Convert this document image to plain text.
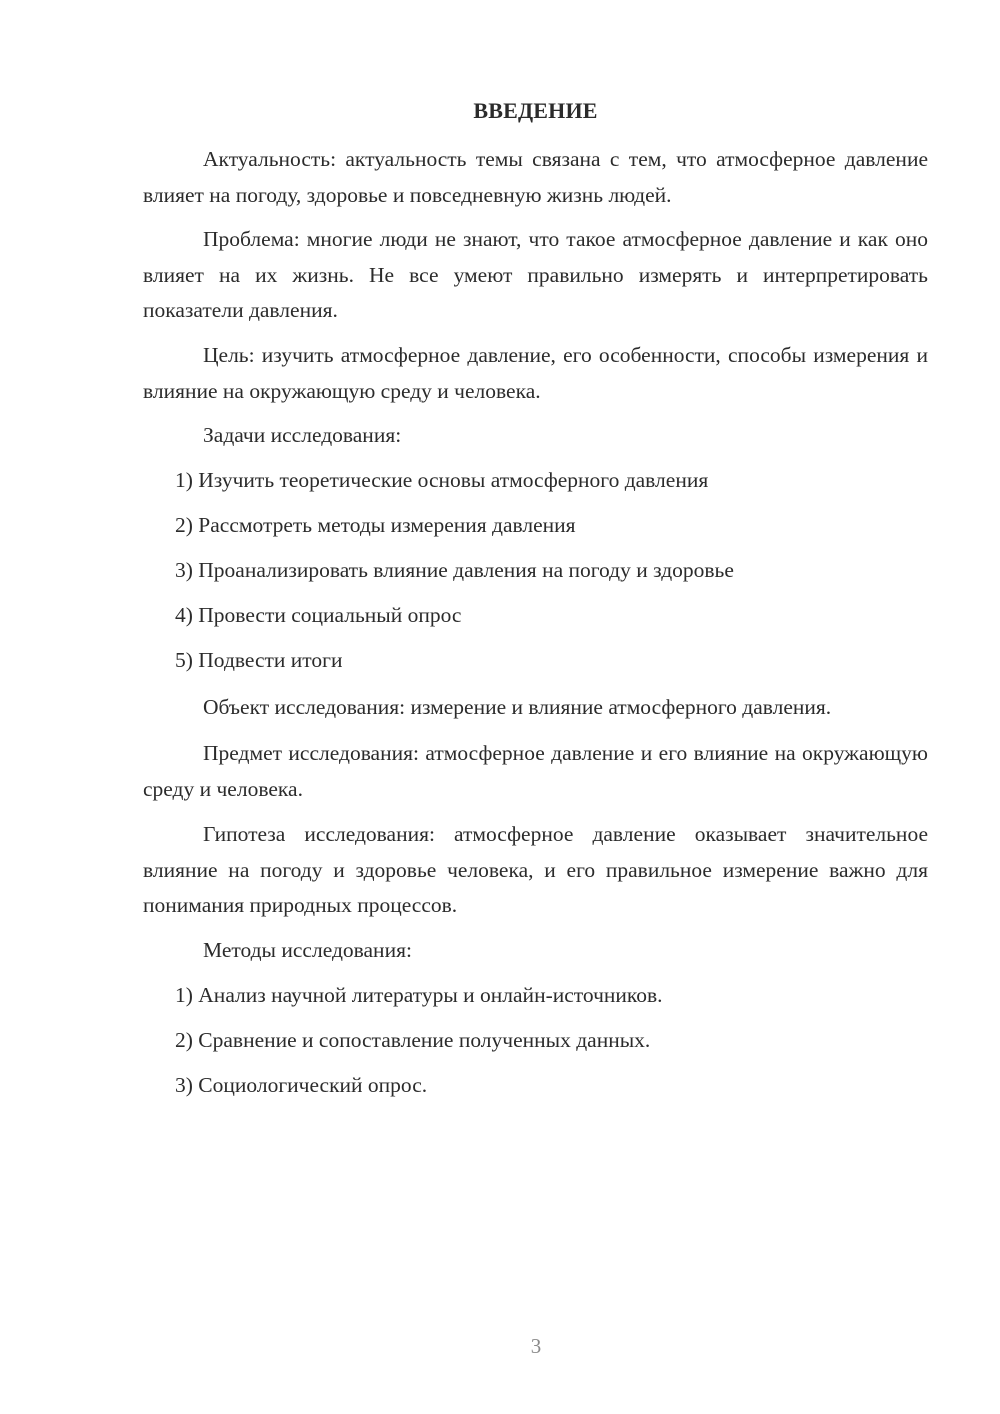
ВВЕДЕНИЕ

Актуальность: актуальность темы связана с тем, что атмосферное давление влияет на погоду, здоровье и повседневную жизнь людей.

Проблема: многие люди не знают, что такое атмосферное давление и как оно влияет на их жизнь. Не все умеют правильно измерять и интерпретировать показатели давления.

Цель: изучить атмосферное давление, его особенности, способы измерения и влияние на окружающую среду и человека.

Задачи исследования:

1) Изучить теоретические основы атмосферного давления

2) Рассмотреть методы измерения давления

3) Проанализировать влияние давления на погоду и здоровье

4) Провести социальный опрос

5) Подвести итоги

Объект исследования: измерение и влияние атмосферного давления.

Предмет исследования: атмосферное давление и его влияние на окружающую среду и человека.

Гипотеза исследования: атмосферное давление оказывает значительное влияние на погоду и здоровье человека, и его правильное измерение важно для понимания природных процессов.

Методы исследования:

1) Анализ научной литературы и онлайн-источников.

2) Сравнение и сопоставление полученных данных.

3) Социологический опрос.

3
